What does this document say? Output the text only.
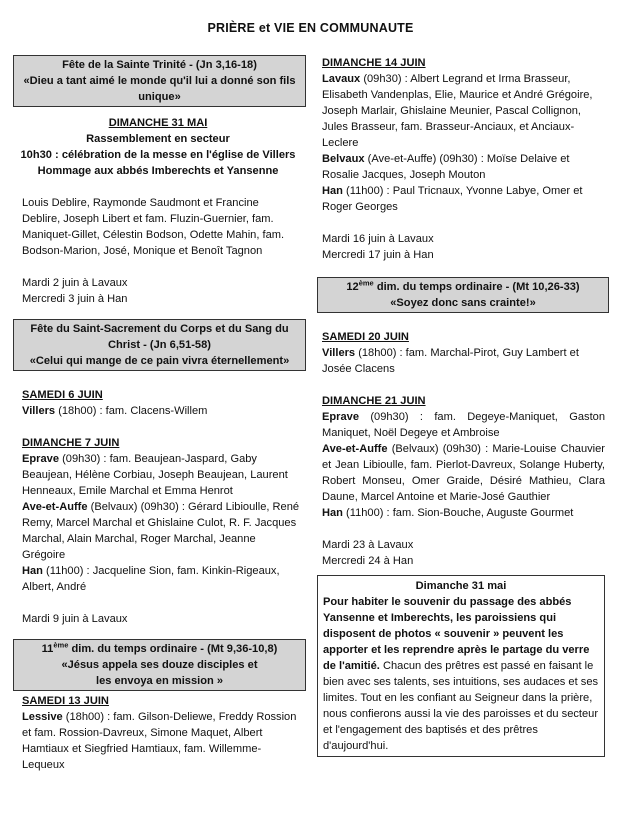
PRIÈRE et VIE EN COMMUNAUTE

Fête de la Sainte Trinité - (Jn 3,16-18)

«Dieu a tant aimé le monde qu'il lui a donné son fils unique»

DIMANCHE 31 MAI

Rassemblement en secteur

10h30 : célébration de la messe en l'église de Villers

Hommage aux abbés Imberechts et Yansenne

Louis Deblire, Raymonde Saudmont et Francine Deblire, Joseph Libert et fam. Fluzin-Guernier, fam. Maniquet-Gillet, Célestin Bodson, Odette Mahin, fam. Bodson-Marion, José, Monique et Benoît Tagnon

Mardi 2 juin à Lavaux

Mercredi 3 juin à Han

Fête du Saint-Sacrement du Corps et du Sang du Christ - (Jn 6,51-58)

«Celui qui mange de ce pain vivra éternellement»

SAMEDI 6 JUIN

Villers (18h00) : fam. Clacens-Willem

DIMANCHE 7 JUIN

Eprave (09h30) : fam. Beaujean-Jaspard, Gaby Beaujean, Hélène Corbiau, Joseph Beaujean, Laurent Henneaux, Emile Marchal et Emma Henrot

Ave-et-Auffe (Belvaux) (09h30) : Gérard Libioulle, René Remy, Marcel Marchal et Ghislaine Culot, R. F. Jacques Marchal, Alain Marchal, Roger Marchal, Jeanne Grégoire

Han (11h00) : Jacqueline Sion, fam. Kinkin-Rigeaux, Albert, André

Mardi 9 juin à Lavaux

11ème dim. du temps ordinaire - (Mt 9,36-10,8)

«Jésus appela ses douze disciples et

les envoya en mission »

SAMEDI 13 JUIN

Lessive (18h00) : fam. Gilson-Deliewe, Freddy Rossion et fam. Rossion-Davreux, Simone Maquet, Albert Hamtiaux et Siegfried Hamtiaux, fam. Willemme-Lequeux

DIMANCHE 14 JUIN

Lavaux (09h30) : Albert Legrand et Irma Brasseur, Elisabeth Vandenplas, Elie, Maurice et André Grégoire, Joseph Marlair, Ghislaine Meunier, Pascal Collignon, Jules Brasseur, fam. Brasseur-Anciaux, et Anciaux-Leclere

Belvaux (Ave-et-Auffe) (09h30) : Moïse Delaive et Rosalie Jacques, Joseph Mouton

Han (11h00) : Paul Tricnaux, Yvonne Labye, Omer et Roger Georges

Mardi 16 juin à Lavaux

Mercredi 17 juin à Han

12ème dim. du temps ordinaire - (Mt 10,26-33)

«Soyez donc sans crainte!»

SAMEDI 20 JUIN

Villers (18h00) : fam. Marchal-Pirot, Guy Lambert et Josée Clacens

DIMANCHE 21 JUIN

Eprave (09h30) : fam. Degeye-Maniquet, Gaston Maniquet, Noël Degeye et Ambroise

Ave-et-Auffe (Belvaux) (09h30) : Marie-Louise Chauvier et Jean Libioulle, fam. Pierlot-Davreux, Solange Huberty, Robert Monseu, Omer Graide, Désiré Mathieu, Clara Daune, Marcel Antoine et Marie-José Gauthier

Han (11h00) : fam. Sion-Bouche, Auguste Gourmet

Mardi 23 à Lavaux

Mercredi 24 à Han

Dimanche 31 mai

Pour habiter le souvenir du passage des abbés Yansenne et Imberechts, les paroissiens qui disposent de photos « souvenir » peuvent les apporter et les reprendre après le partage du verre de l'amitié. Chacun des prêtres est passé en faisant le bien avec ses talents, ses intuitions, ses audaces et ses limites. Tout en les confiant au Seigneur dans la prière, nous confierons aussi la vie des paroisses et du secteur et l'engagement des baptisés et des prêtres d'aujourd'hui.
